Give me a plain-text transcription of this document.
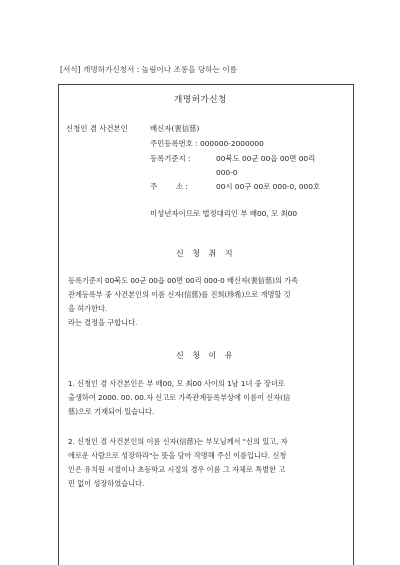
[서식] 개명허가신청서 : 놀림이나 조롱을 당하는 이름
개명허가신청
신청인 겸 사건본인	배신자(裵信慈)
주민등록번호 : 000000-2000000
등록기준지 :	00북도 00군 00읍 00면 00리
000-0
주        소 :	00시 00구 00로 000-0, 000호
미성년자이므로 법정대리인 부 배00, 모 최00
신 청 취 지
등록기준지 00북도 00군 00읍 00면 00리 000-0 배신자(裵信慈)의 가족
관계등록부 중 사건본인의 이름 신자(信慈)를 진희(珍希)으로 개명할 것
을 허가한다.
라는 결정을 구합니다.
신 청 이 유
1. 신청인 겸 사건본인은 부 배00, 모 최00 사이의 1남 1녀 중 장녀로
출생하여 2000. 00. 00.자 신고로 가족관계등록부상에 이름이 신자(信
慈)으로 기재되어 있습니다.
2. 신청인 겸 사건본인의 이름 신자(信慈)는 부모님께서 "신의 있고, 자
애로운 사람으로 성장하라"는 뜻을 담아 작명해 주신 이름입니다. 신청
인은 유치원 시절이나 초등학교 시절의 경우 이름 그 자체로 특별한 고
민 없이 성장하였습니다.
